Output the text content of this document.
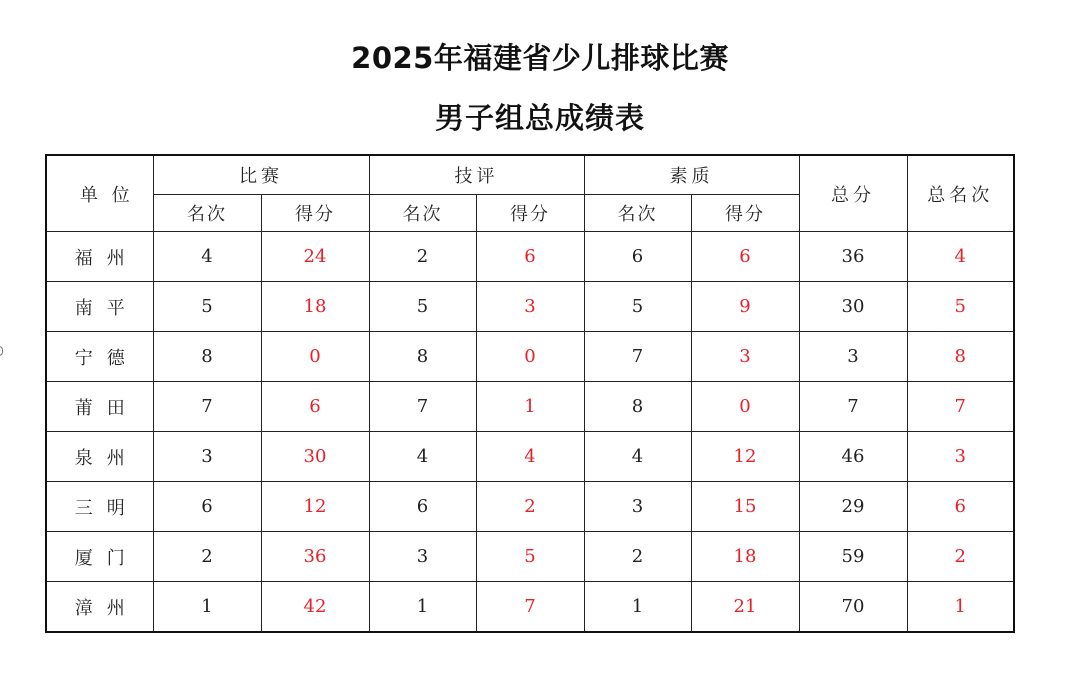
2025年福建省少儿排球比赛
男子组总成绩表
单 位	比赛		技评		素质		总分	总名次
	名次	得分	名次	得分	名次	得分		
福州	4	24	2	6	6	6	36	4
南平	5	18	5	3	5	9	30	5
宁德	8	0	8	0	7	3	3	8
莆田	7	6	7	1	8	0	7	7
泉州	3	30	4	4	4	12	46	3
三明	6	12	6	2	3	15	29	6
厦门	2	36	3	5	2	18	59	2
漳州	1	42	1	7	1	21	70	1
